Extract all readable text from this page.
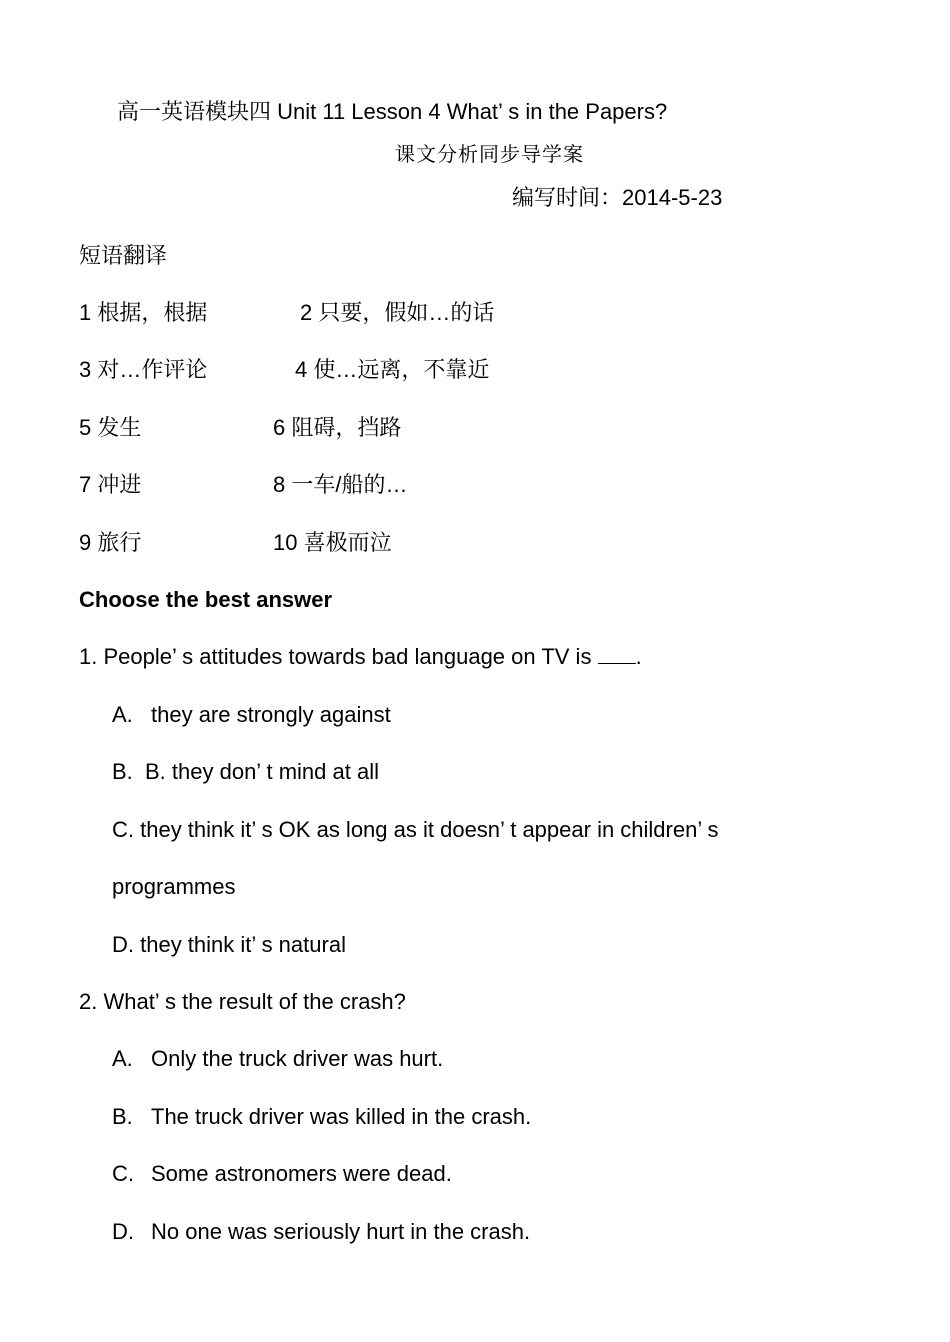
高一英语模块四 Unit 11 Lesson 4 What’ s in the Papers?
课文分析同步导学案
编写时间：2014-5-23
短语翻译
1 根据，根据	2 只要，假如…的话
3 对…作评论	4 使…远离，不靠近
5 发生	6 阻碍，挡路
7 冲进	8 一车/船的…
9 旅行	10 喜极而泣
Choose the best answer
1. People’ s attitudes towards bad language on TV is .
A. they are strongly against
B. B. they don’ t mind at all
C. they think it’ s OK as long as it doesn’ t appear in children’ s
programmes
D. they think it’ s natural
2. What’ s the result of the crash?
A. Only the truck driver was hurt.
B. The truck driver was killed in the crash.
C. Some astronomers were dead.
D. No one was seriously hurt in the crash.
